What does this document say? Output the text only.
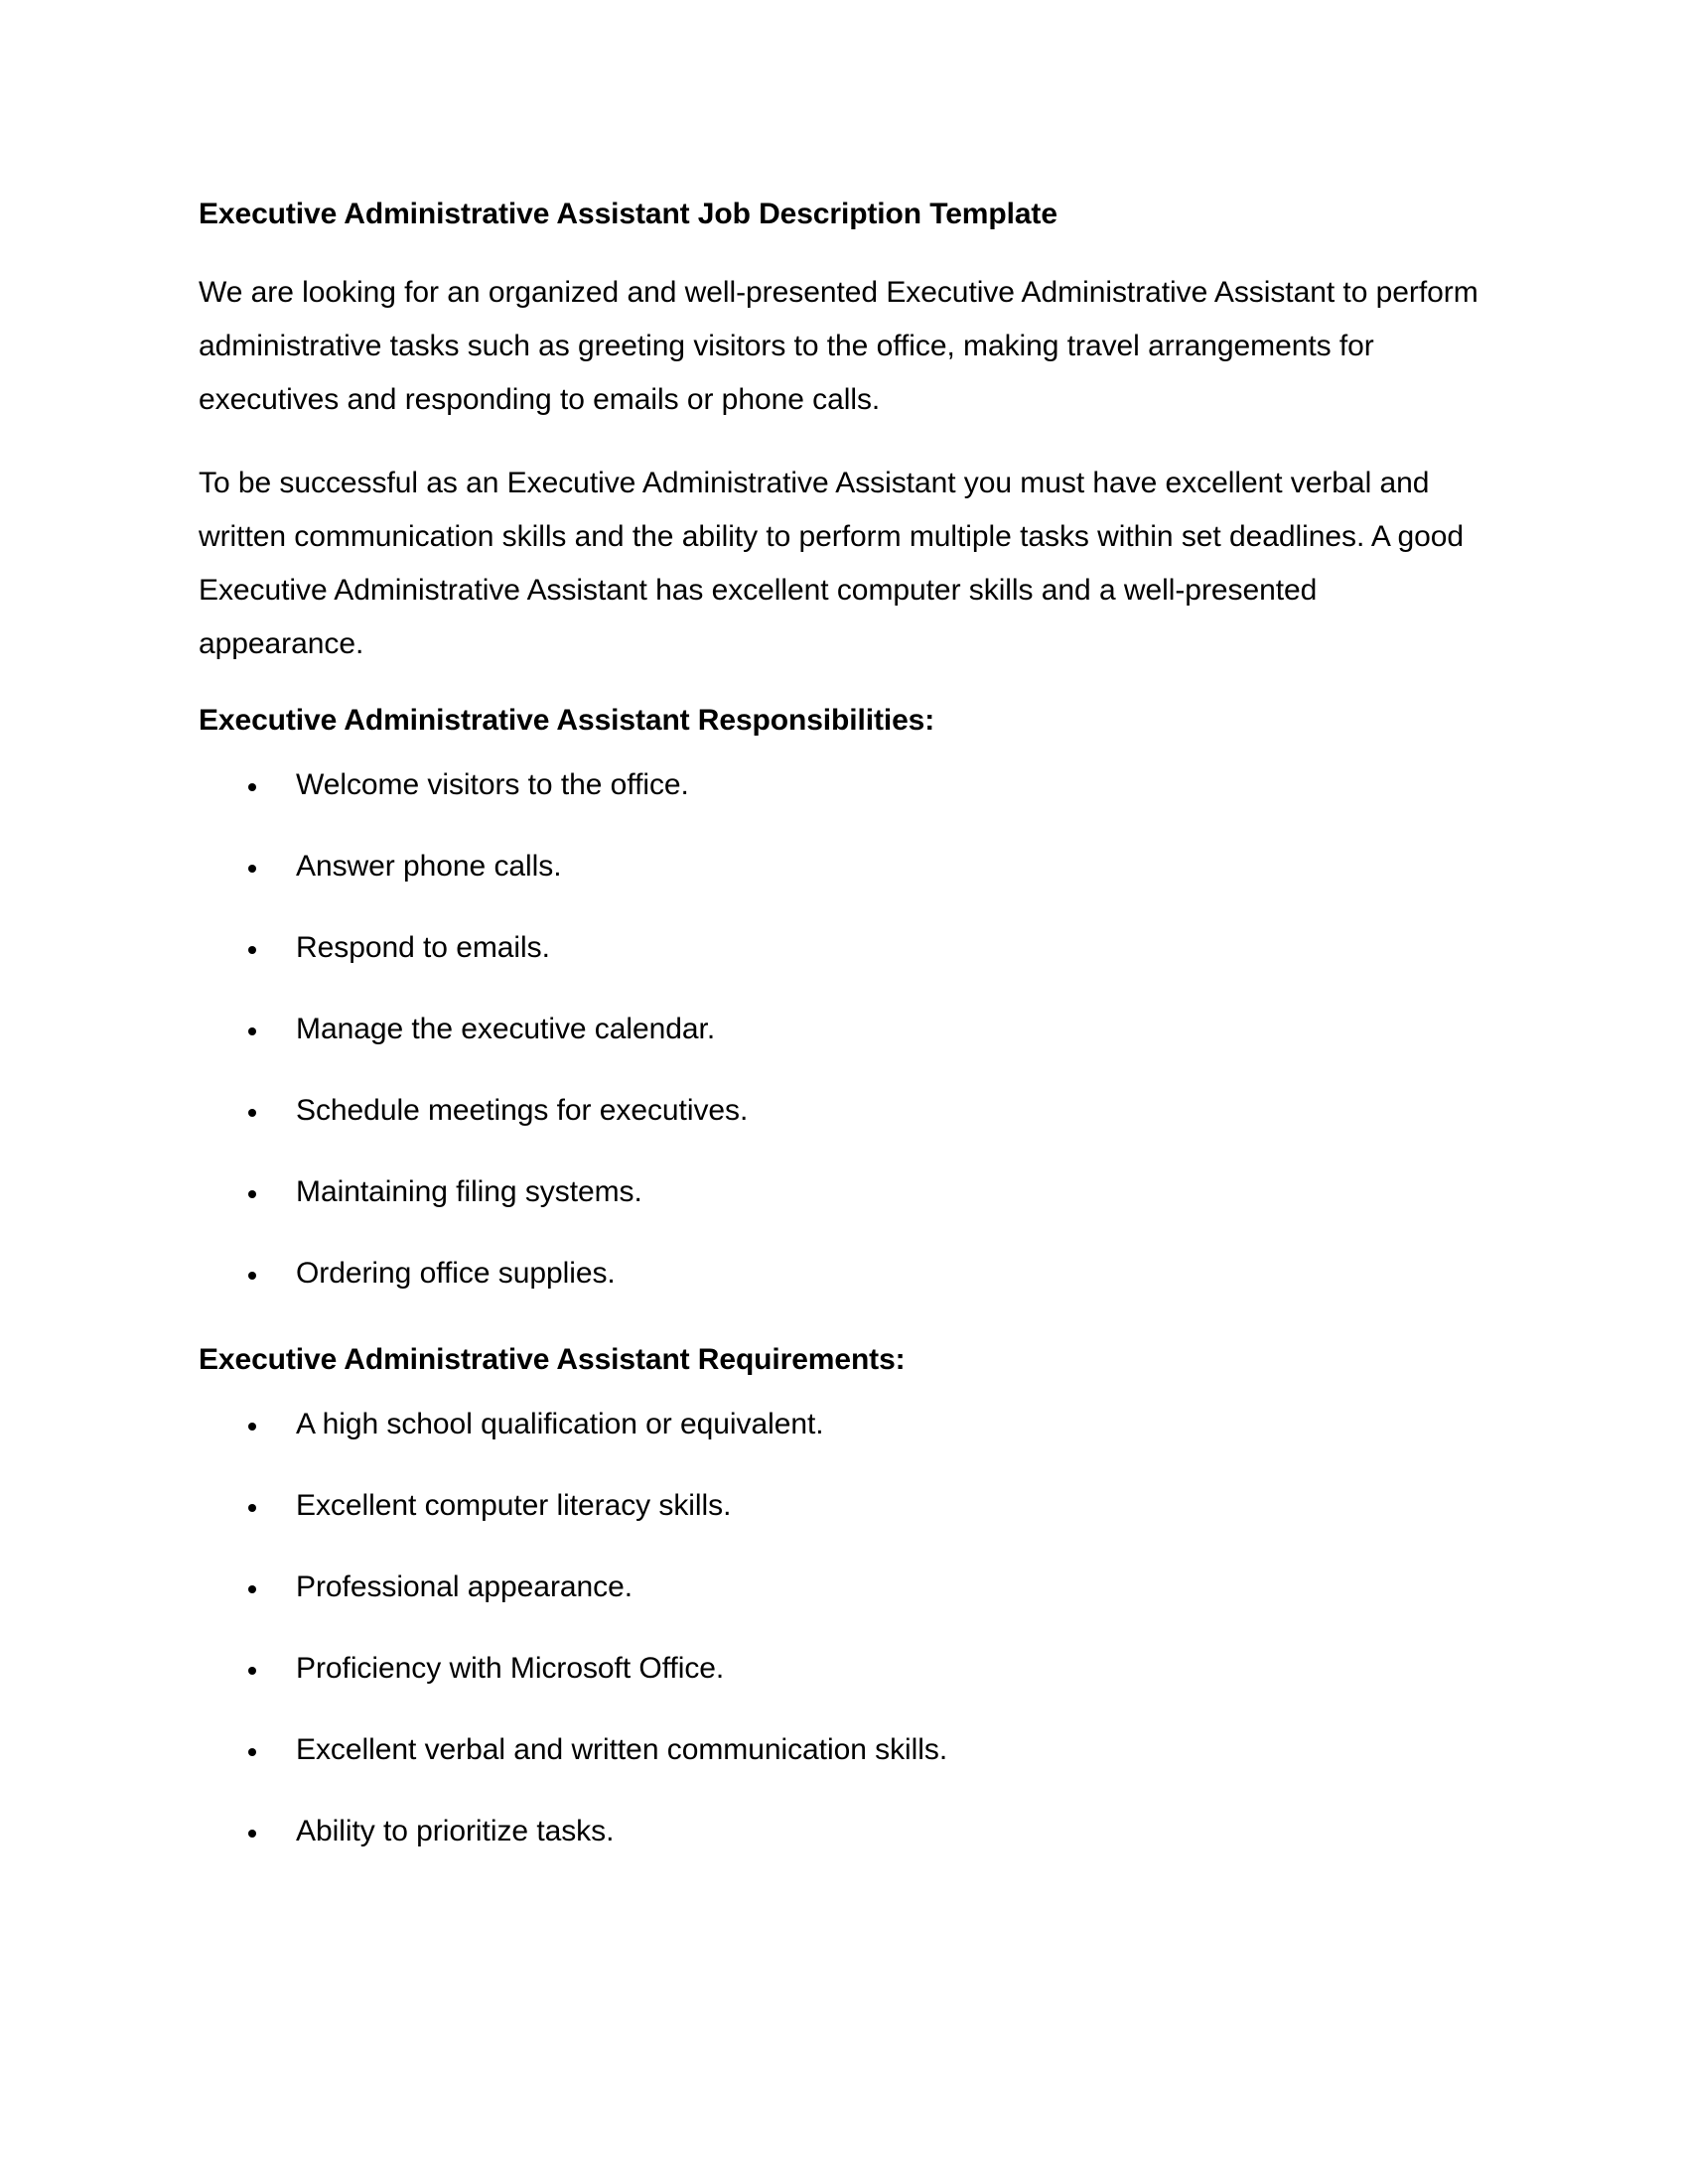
Executive Administrative Assistant Job Description Template

We are looking for an organized and well-presented Executive Administrative Assistant to perform administrative tasks such as greeting visitors to the office, making travel arrangements for executives and responding to emails or phone calls.

To be successful as an Executive Administrative Assistant you must have excellent verbal and written communication skills and the ability to perform multiple tasks within set deadlines. A good Executive Administrative Assistant has excellent computer skills and a well-presented appearance.

Executive Administrative Assistant Responsibilities:
Welcome visitors to the office.
Answer phone calls.
Respond to emails.
Manage the executive calendar.
Schedule meetings for executives.
Maintaining filing systems.
Ordering office supplies.
Executive Administrative Assistant Requirements:
A high school qualification or equivalent.
Excellent computer literacy skills.
Professional appearance.
Proficiency with Microsoft Office.
Excellent verbal and written communication skills.
Ability to prioritize tasks.
